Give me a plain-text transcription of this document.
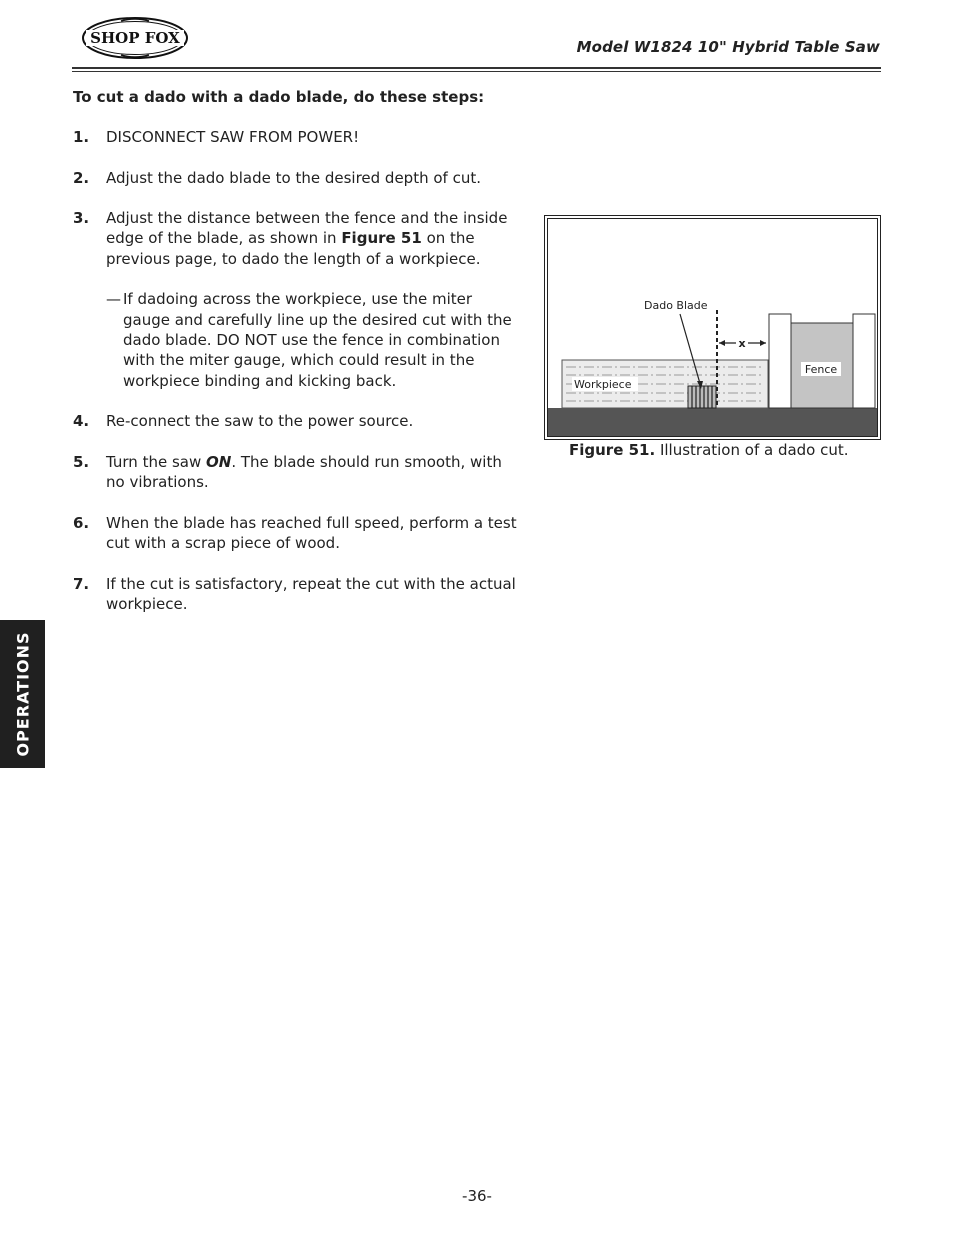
SHOP FOX	Model W1824 10" Hybrid Table Saw
To cut a dado with a dado blade, do these steps:
1. DISCONNECT SAW FROM POWER!
2. Adjust the dado blade to the desired depth of cut.
3. Adjust the distance between the fence and the inside edge of the blade, as shown in Figure 51 on the previous page, to dado the length of a workpiece.
— If dadoing across the workpiece, use the miter gauge and carefully line up the desired cut with the dado blade. DO NOT use the fence in combination with the miter gauge, which could result in the workpiece binding and kicking back.
4. Re-connect the saw to the power source.
5. Turn the saw ON. The blade should run smooth, with no vibrations.
6. When the blade has reached full speed, perform a test cut with a scrap piece of wood.
7. If the cut is satisfactory, repeat the cut with the actual workpiece.
x
Fence
Workpiece
Dado Blade
Figure 51. Illustration of a dado cut.
OPERATIONS
-36-
